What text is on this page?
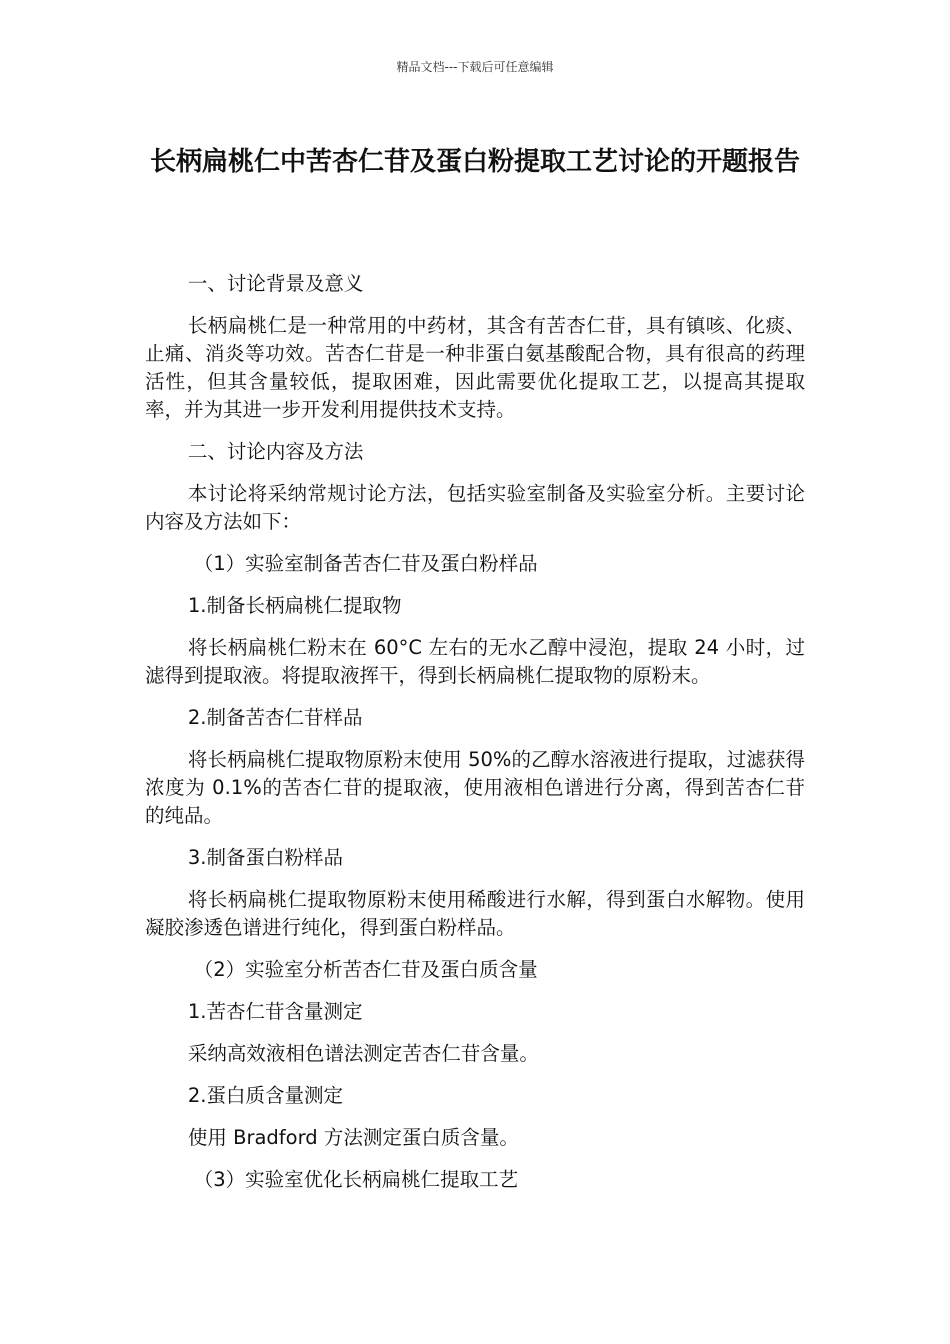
精品文档---下载后可任意编辑
长柄扁桃仁中苦杏仁苷及蛋白粉提取工艺讨论的开题报告

一、讨论背景及意义

长柄扁桃仁是一种常用的中药材，其含有苦杏仁苷，具有镇咳、化痰、止痛、消炎等功效。苦杏仁苷是一种非蛋白氨基酸配合物，具有很高的药理活性，但其含量较低，提取困难，因此需要优化提取工艺，以提高其提取率，并为其进一步开发利用提供技术支持。

二、讨论内容及方法

本讨论将采纳常规讨论方法，包括实验室制备及实验室分析。主要讨论内容及方法如下：

（1）实验室制备苦杏仁苷及蛋白粉样品

1.制备长柄扁桃仁提取物

将长柄扁桃仁粉末在 60°C 左右的无水乙醇中浸泡，提取 24 小时，过滤得到提取液。将提取液挥干，得到长柄扁桃仁提取物的原粉末。

2.制备苦杏仁苷样品

将长柄扁桃仁提取物原粉末使用 50%的乙醇水溶液进行提取，过滤获得浓度为 0.1%的苦杏仁苷的提取液，使用液相色谱进行分离，得到苦杏仁苷的纯品。

3.制备蛋白粉样品

将长柄扁桃仁提取物原粉末使用稀酸进行水解，得到蛋白水解物。使用凝胶渗透色谱进行纯化，得到蛋白粉样品。

（2）实验室分析苦杏仁苷及蛋白质含量

1.苦杏仁苷含量测定

采纳高效液相色谱法测定苦杏仁苷含量。

2.蛋白质含量测定

使用 Bradford 方法测定蛋白质含量。

（3）实验室优化长柄扁桃仁提取工艺
